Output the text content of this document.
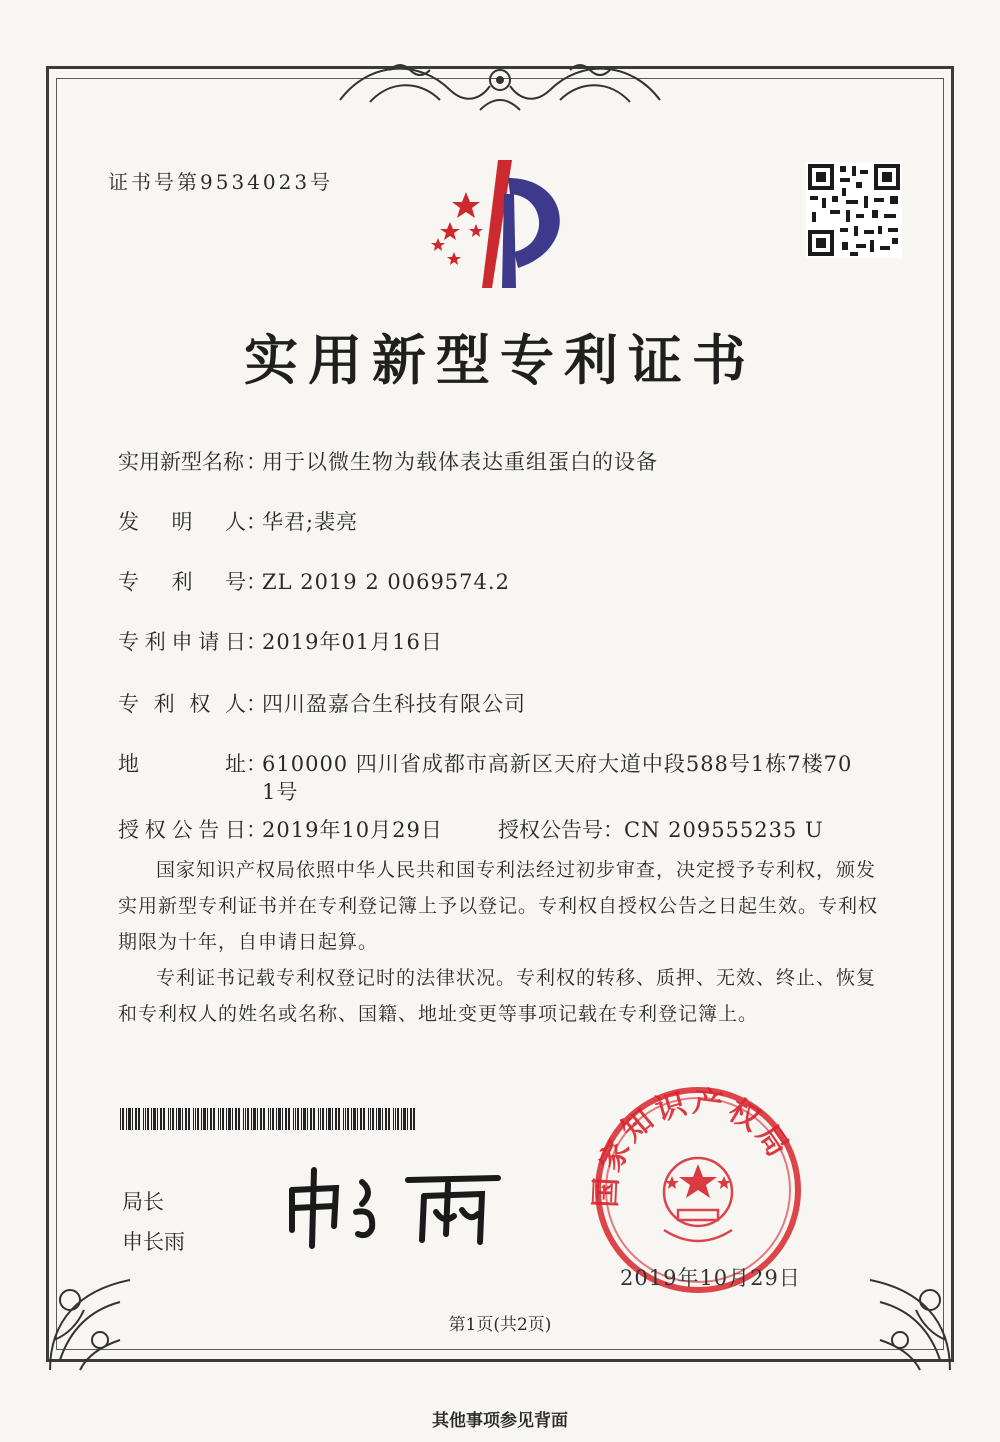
证书号第9534023号
实用新型专利证书
实用新型名称：用于以微生物为载体表达重组蛋白的设备
发明人：华君;裴亮
专利号：ZL 2019 2 0069574.2
专利申请日：2019年01月16日
专利权人：四川盈嘉合生科技有限公司
地址：610000 四川省成都市高新区天府大道中段588号1栋7楼70
1号
授权公告日：2019年10月29日	授权公告号：CN 209555235 U
国家知识产权局依照中华人民共和国专利法经过初步审查，决定授予专利权，颁发实用新型专利证书并在专利登记簿上予以登记。专利权自授权公告之日起生效。专利权期限为十年，自申请日起算。
专利证书记载专利权登记时的法律状况。专利权的转移、质押、无效、终止、恢复和专利权人的姓名或名称、国籍、地址变更等事项记载在专利登记簿上。
局长
申长雨
国家知识产权局
2019年10月29日
第1页(共2页)
其他事项参见背面
